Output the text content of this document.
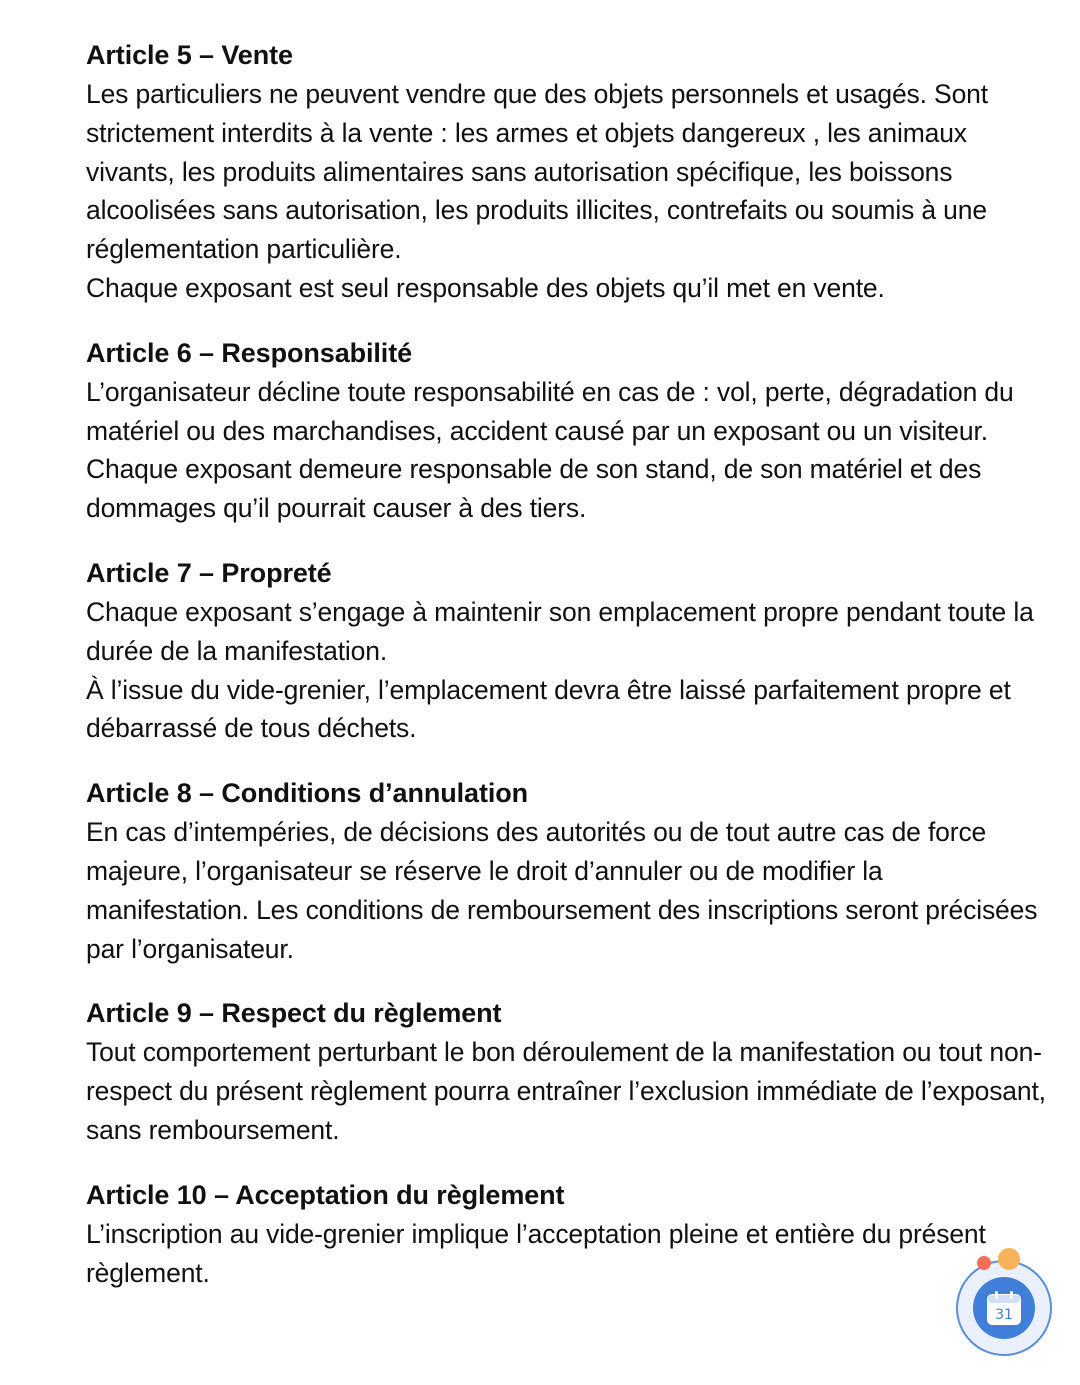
Article 5 – Vente

Les particuliers ne peuvent vendre que des objets personnels et usagés. Sont strictement interdits à la vente : les armes et objets dangereux , les animaux vivants, les produits alimentaires sans autorisation spécifique, les boissons alcoolisées sans autorisation, les produits illicites, contrefaits ou soumis à une réglementation particulière.

Chaque exposant est seul responsable des objets qu’il met en vente.

Article 6 – Responsabilité

L’organisateur décline toute responsabilité en cas de : vol, perte, dégradation du matériel ou des marchandises, accident causé par un exposant ou un visiteur.

Chaque exposant demeure responsable de son stand, de son matériel et des dommages qu’il pourrait causer à des tiers.

Article 7 – Propreté

Chaque exposant s’engage à maintenir son emplacement propre pendant toute la durée de la manifestation.

À l’issue du vide-grenier, l’emplacement devra être laissé parfaitement propre et débarrassé de tous déchets.

Article 8 – Conditions d’annulation

En cas d’intempéries, de décisions des autorités ou de tout autre cas de force majeure, l’organisateur se réserve le droit d’annuler ou de modifier la manifestation. Les conditions de remboursement des inscriptions seront précisées par l’organisateur.

Article 9 – Respect du règlement

Tout comportement perturbant le bon déroulement de la manifestation ou tout non-respect du présent règlement pourra entraîner l’exclusion immédiate de l’exposant, sans remboursement.

Article 10 – Acceptation du règlement

L’inscription au vide-grenier implique l’acceptation pleine et entière du présent règlement.

31
